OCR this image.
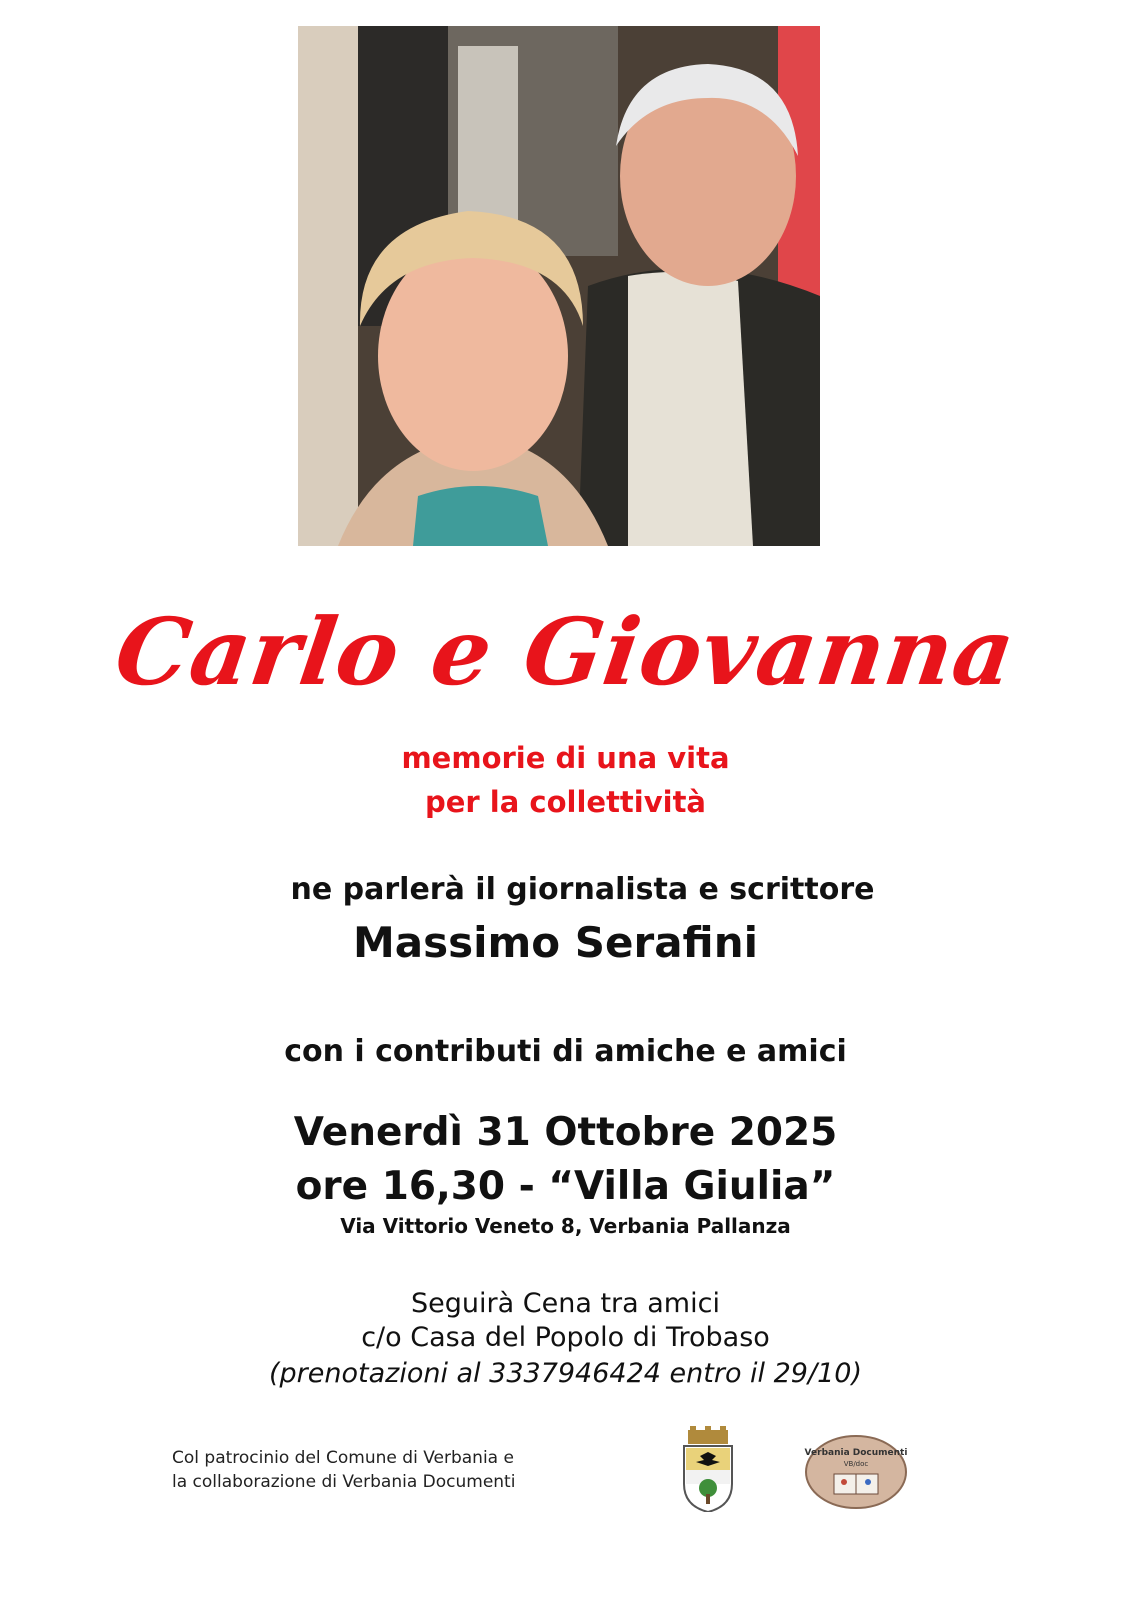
Carlo e Giovanna
memorie di una vita
per la collettività
ne parlerà il giornalista e scrittore
Massimo Serafini
con i contributi di amiche e amici
Venerdì 31 Ottobre 2025
ore 16,30 - “Villa Giulia”
Via Vittorio Veneto 8, Verbania Pallanza
Seguirà Cena tra amici
c/o Casa del Popolo di Trobaso
(prenotazioni al 3337946424 entro il 29/10)
Col patrocinio del Comune di Verbania e
la collaborazione di Verbania Documenti
Verbania Documenti
VB/doc
